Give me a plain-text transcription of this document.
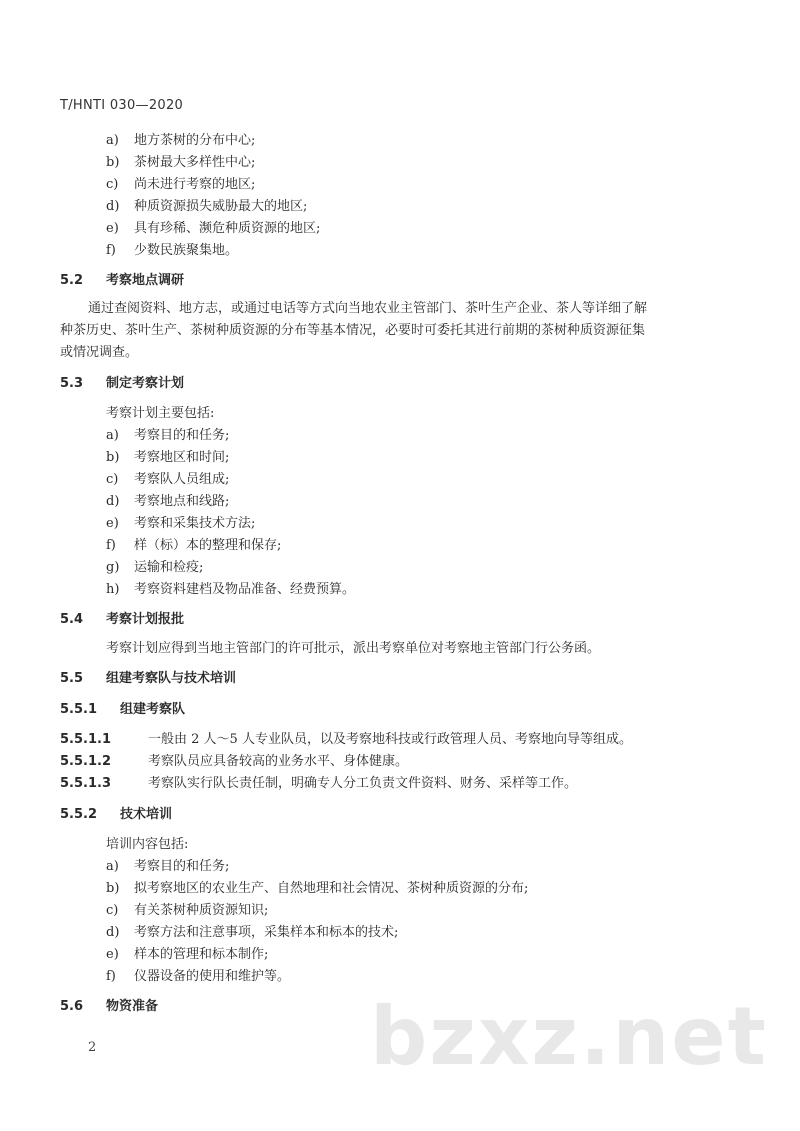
T/HNTI 030—2020
a) 地方茶树的分布中心;
b) 茶树最大多样性中心;
c) 尚未进行考察的地区;
d) 种质资源损失威胁最大的地区;
e) 具有珍稀、濒危种质资源的地区;
f) 少数民族聚集地。
5.2 考察地点调研
通过查阅资料、地方志，或通过电话等方式向当地农业主管部门、茶叶生产企业、茶人等详细了解
种茶历史、茶叶生产、茶树种质资源的分布等基本情况，必要时可委托其进行前期的茶树种质资源征集
或情况调查。
5.3 制定考察计划
考察计划主要包括:
a) 考察目的和任务;
b) 考察地区和时间;
c) 考察队人员组成;
d) 考察地点和线路;
e) 考察和采集技术方法;
f) 样（标）本的整理和保存;
g) 运输和检疫;
h) 考察资料建档及物品准备、经费预算。
5.4 考察计划报批
考察计划应得到当地主管部门的许可批示，派出考察单位对考察地主管部门行公务函。
5.5 组建考察队与技术培训
5.5.1 组建考察队
5.5.1.1	一般由 2 人～5 人专业队员，以及考察地科技或行政管理人员、考察地向导等组成。
5.5.1.2	考察队员应具备较高的业务水平、身体健康。
5.5.1.3	考察队实行队长责任制，明确专人分工负责文件资料、财务、采样等工作。
5.5.2 技术培训
培训内容包括:
a) 考察目的和任务;
b) 拟考察地区的农业生产、自然地理和社会情况、茶树种质资源的分布;
c) 有关茶树种质资源知识;
d) 考察方法和注意事项，采集样本和标本的技术;
e) 样本的管理和标本制作;
f) 仪器设备的使用和维护等。
5.6 物资准备
2	bzxz.net
